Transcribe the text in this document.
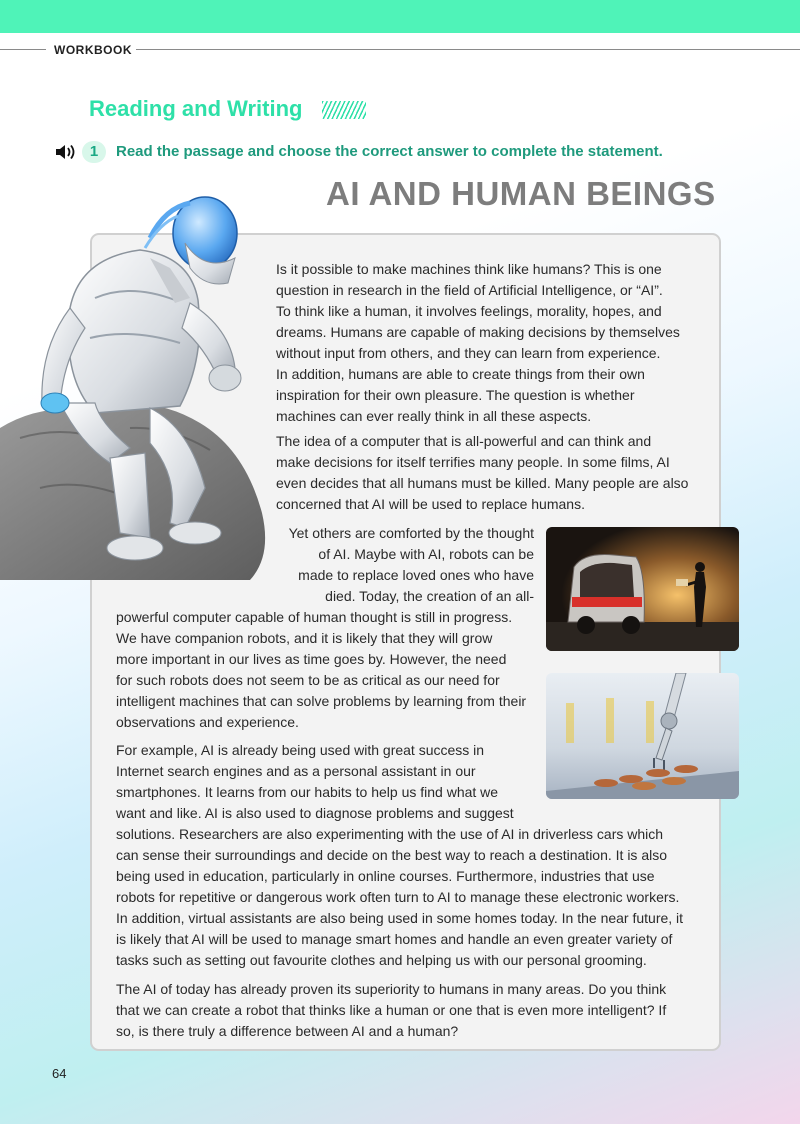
WORKBOOK
Reading and Writing
1	Read the passage and choose the correct answer to complete the statement.
AI AND HUMAN BEINGS
Is it possible to make machines think like humans? This is one
question in research in the field of Artificial Intelligence, or “AI”.
To think like a human, it involves feelings, morality, hopes, and
dreams. Humans are capable of making decisions by themselves
without input from others, and they can learn from experience.
In addition, humans are able to create things from their own
inspiration for their own pleasure. The question is whether
machines can ever really think in all these aspects.
The idea of a computer that is all-powerful and can think and
make decisions for itself terrifies many people. In some films, AI
even decides that all humans must be killed. Many people are also
concerned that AI will be used to replace humans.
Yet others are comforted by the thought
of AI. Maybe with AI, robots can be
made to replace loved ones who have
died. Today, the creation of an all-
powerful computer capable of human thought is still in progress.
We have companion robots, and it is likely that they will grow
more important in our lives as time goes by. However, the need
for such robots does not seem to be as critical as our need for
intelligent machines that can solve problems by learning from their
observations and experience.
For example, AI is already being used with great success in
Internet search engines and as a personal assistant in our
smartphones. It learns from our habits to help us find what we
want and like. AI is also used to diagnose problems and suggest
solutions. Researchers are also experimenting with the use of AI in driverless cars which
can sense their surroundings and decide on the best way to reach a destination. It is also
being used in education, particularly in online courses. Furthermore, industries that use
robots for repetitive or dangerous work often turn to AI to manage these electronic workers.
In addition, virtual assistants are also being used in some homes today. In the near future, it
is likely that AI will be used to manage smart homes and handle an even greater variety of
tasks such as setting out favourite clothes and helping us with our personal grooming.
The AI of today has already proven its superiority to humans in many areas. Do you think
that we can create a robot that thinks like a human or one that is even more intelligent? If
so, is there truly a difference between AI and a human?
64
